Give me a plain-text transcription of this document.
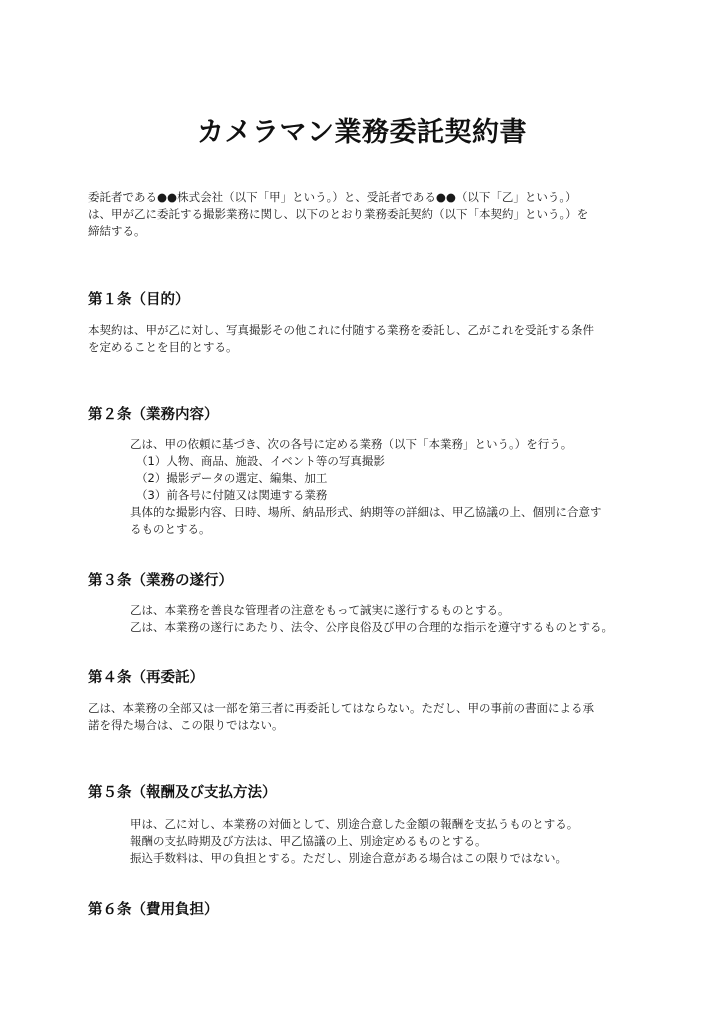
カメラマン業務委託契約書

委託者である●●株式会社（以下「甲」という。）と、受託者である●●（以下「乙」という。）
は、甲が乙に委託する撮影業務に関し、以下のとおり業務委託契約（以下「本契約」という。）を
締結する。

第１条（目的）

本契約は、甲が乙に対し、写真撮影その他これに付随する業務を委託し、乙がこれを受託する条件
を定めることを目的とする。

第２条（業務内容）

乙は、甲の依頼に基づき、次の各号に定める業務（以下「本業務」という。）を行う。
（1）人物、商品、施設、イベント等の写真撮影
（2）撮影データの選定、編集、加工
（3）前各号に付随又は関連する業務
具体的な撮影内容、日時、場所、納品形式、納期等の詳細は、甲乙協議の上、個別に合意す
るものとする。

第３条（業務の遂行）

乙は、本業務を善良な管理者の注意をもって誠実に遂行するものとする。
乙は、本業務の遂行にあたり、法令、公序良俗及び甲の合理的な指示を遵守するものとする。

第４条（再委託）

乙は、本業務の全部又は一部を第三者に再委託してはならない。ただし、甲の事前の書面による承
諾を得た場合は、この限りではない。

第５条（報酬及び支払方法）

甲は、乙に対し、本業務の対価として、別途合意した金額の報酬を支払うものとする。
報酬の支払時期及び方法は、甲乙協議の上、別途定めるものとする。
振込手数料は、甲の負担とする。ただし、別途合意がある場合はこの限りではない。

第６条（費用負担）
